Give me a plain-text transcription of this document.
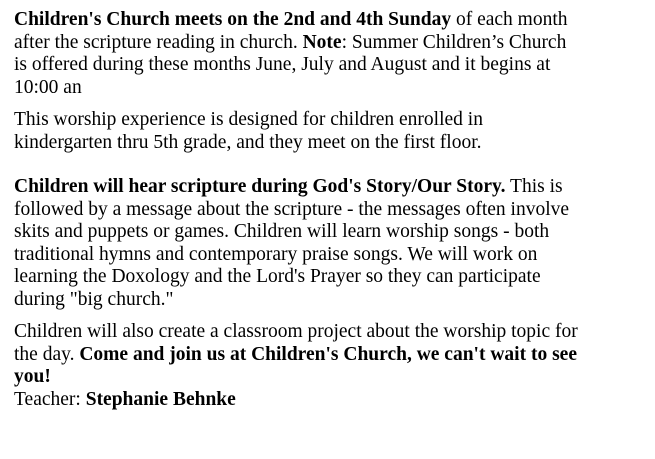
Children's Church meets on the 2nd and 4th Sunday of each month
after the scripture reading in church. Note: Summer Children’s Church
is offered during these months June, July and August and it begins at
10:00 an

This worship experience is designed for children enrolled in
kindergarten thru 5th grade, and they meet on the first floor.

Children will hear scripture during God's Story/Our Story. This is
followed by a message about the scripture - the messages often involve
skits and puppets or games. Children will learn worship songs - both
traditional hymns and contemporary praise songs. We will work on
learning the Doxology and the Lord's Prayer so they can participate
during "big church."

Children will also create a classroom project about the worship topic for
the day. Come and join us at Children's Church, we can't wait to see
you!
Teacher: Stephanie Behnke
